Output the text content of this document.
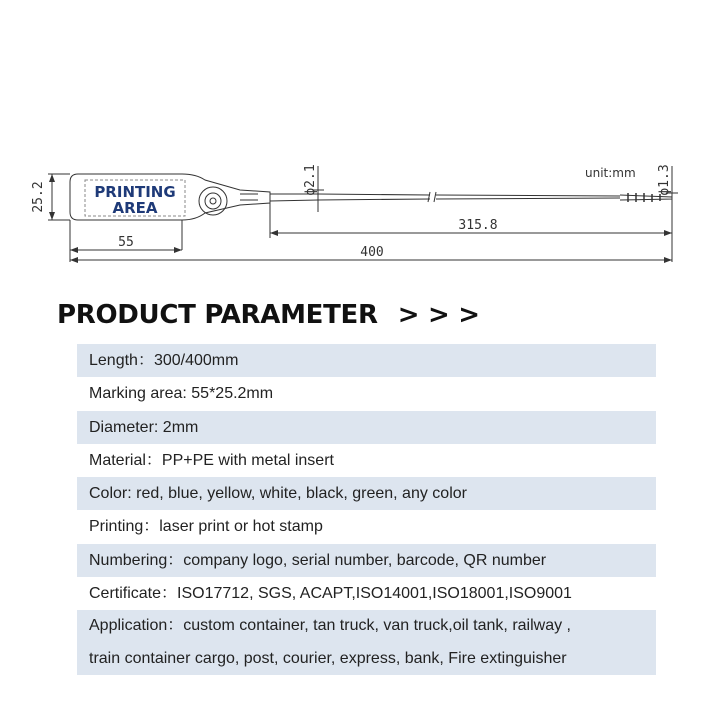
PRINTING
AREA
25.2
55
400
315.8
ϕ2.1	ϕ1.3
unit:mm
PRODUCT PARAMETER > > >
Length：300/400mm
Marking area: 55*25.2mm
Diameter: 2mm
Material：PP+PE with metal insert
Color: red, blue, yellow, white, black, green, any color
Printing：laser print or hot stamp
Numbering：company logo, serial number, barcode, QR number
Certificate：ISO17712, SGS, ACAPT,ISO14001,ISO18001,ISO9001
Application：custom container, tan truck, van truck,oil tank, railway ,
train container cargo, post, courier, express, bank, Fire extinguisher
